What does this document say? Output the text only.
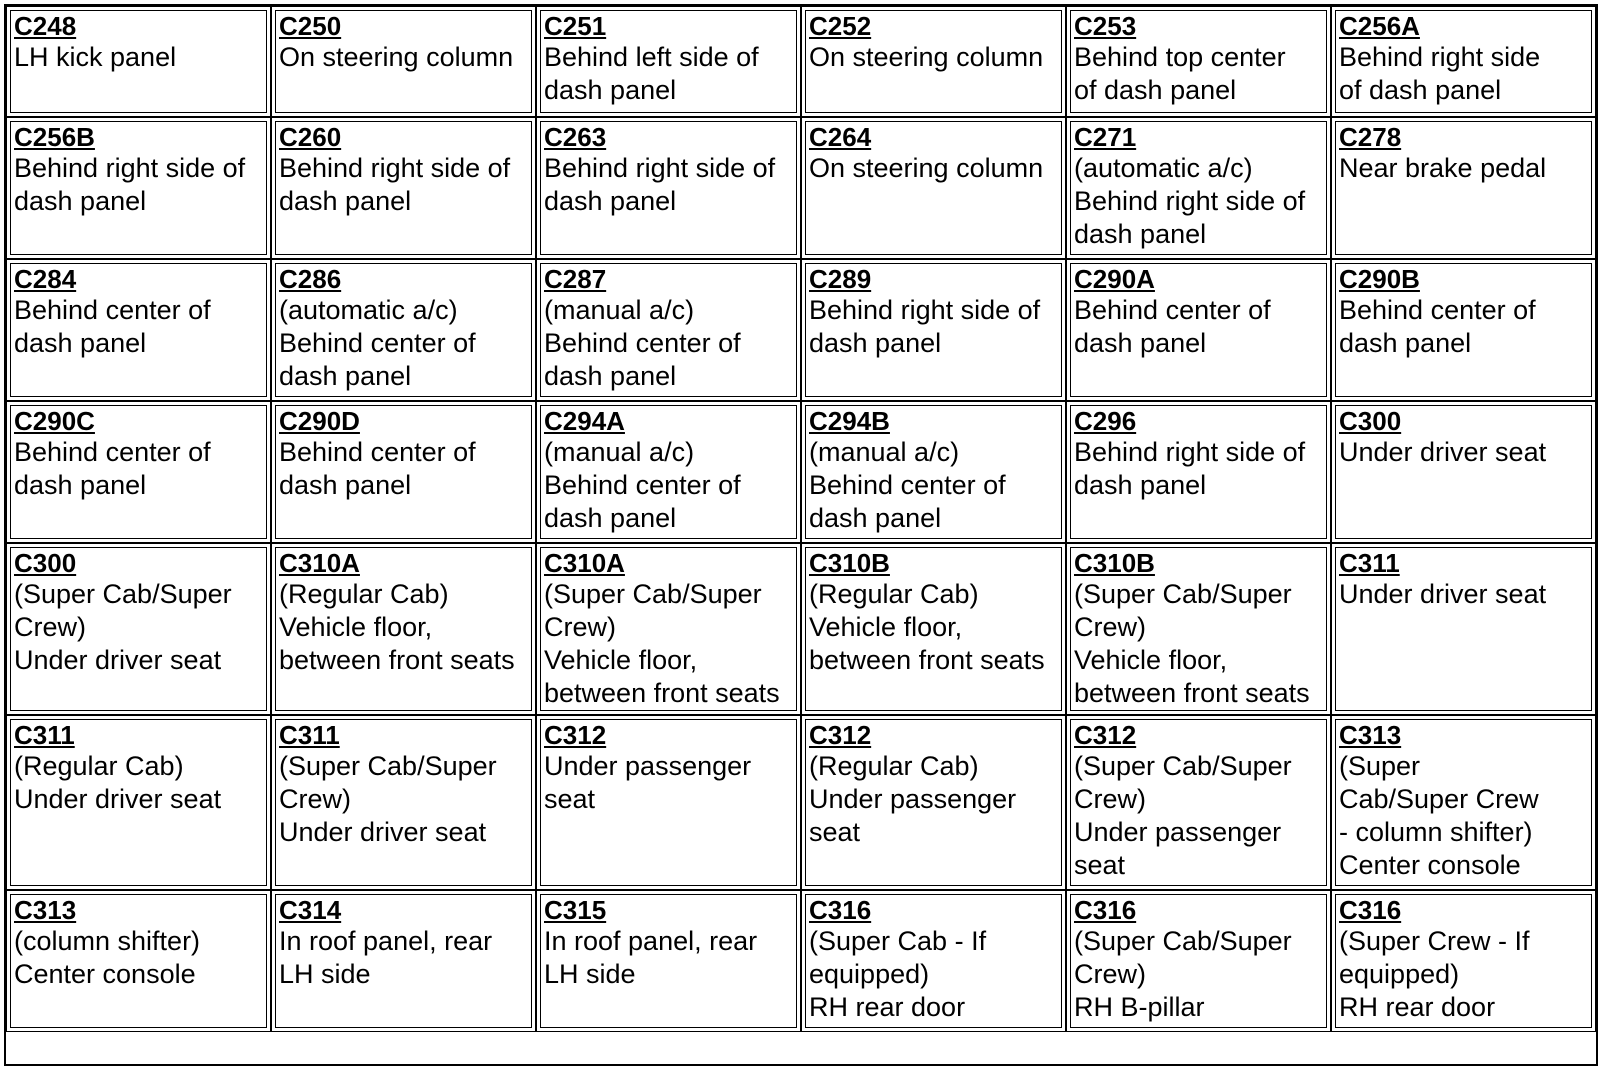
C248
LH kick panel
C250
On steering column
C251
Behind left side of
dash panel
C252
On steering column
C253
Behind top center
of dash panel
C256A
Behind right side
of dash panel
C256B
Behind right side of
dash panel
C260
Behind right side of
dash panel
C263
Behind right side of
dash panel
C264
On steering column
C271
(automatic a/c)
Behind right side of
dash panel
C278
Near brake pedal
C284
Behind center of
dash panel
C286
(automatic a/c)
Behind center of
dash panel
C287
(manual a/c)
Behind center of
dash panel
C289
Behind right side of
dash panel
C290A
Behind center of
dash panel
C290B
Behind center of
dash panel
C290C
Behind center of
dash panel
C290D
Behind center of
dash panel
C294A
(manual a/c)
Behind center of
dash panel
C294B
(manual a/c)
Behind center of
dash panel
C296
Behind right side of
dash panel
C300
Under driver seat
C300
(Super Cab/Super
Crew)
Under driver seat
C310A
(Regular Cab)
Vehicle floor,
between front seats
C310A
(Super Cab/Super
Crew)
Vehicle floor,
between front seats
C310B
(Regular Cab)
Vehicle floor,
between front seats
C310B
(Super Cab/Super
Crew)
Vehicle floor,
between front seats
C311
Under driver seat
C311
(Regular Cab)
Under driver seat
C311
(Super Cab/Super
Crew)
Under driver seat
C312
Under passenger
seat
C312
(Regular Cab)
Under passenger
seat
C312
(Super Cab/Super
Crew)
Under passenger
seat
C313
(Super
Cab/Super Crew
- column shifter)
Center console
C313
(column shifter)
Center console
C314
In roof panel, rear
LH side
C315
In roof panel, rear
LH side
C316
(Super Cab - If
equipped)
RH rear door
C316
(Super Cab/Super
Crew)
RH B-pillar
C316
(Super Crew - If
equipped)
RH rear door
